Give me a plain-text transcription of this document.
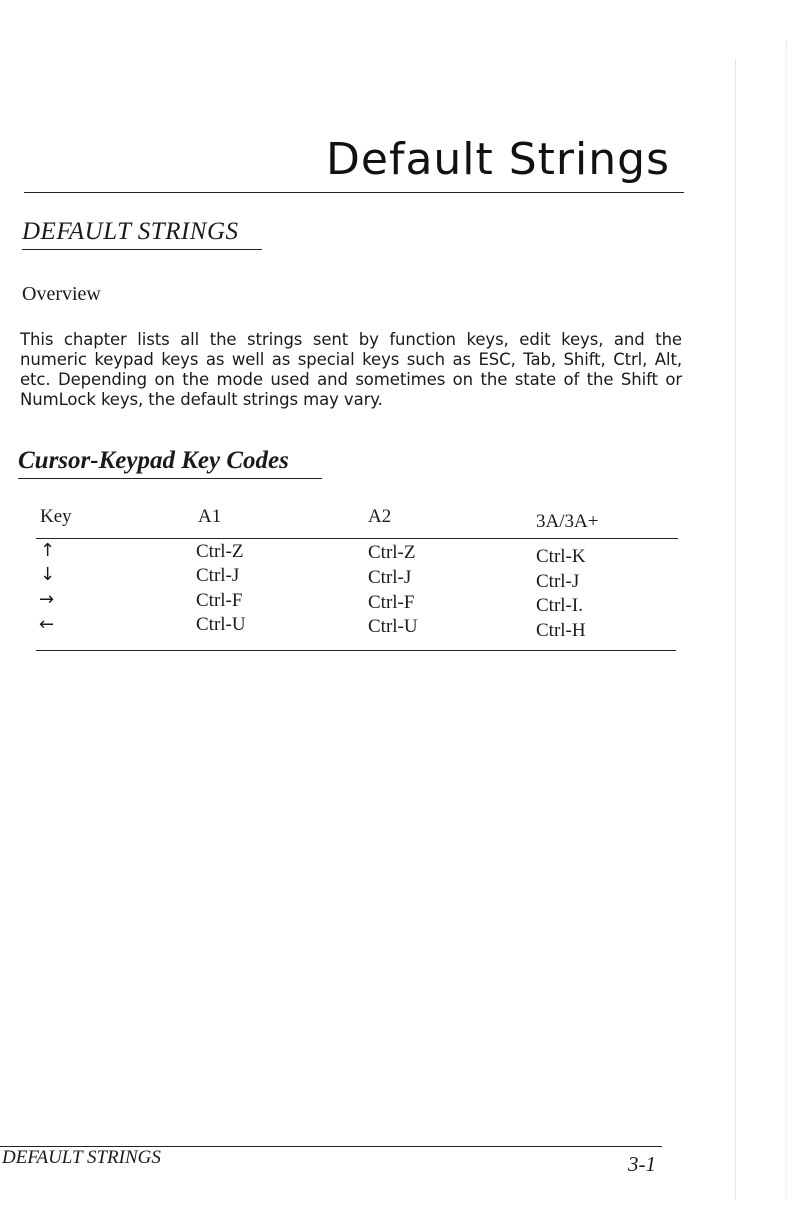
Default Strings
DEFAULT STRINGS
Overview
This chapter lists all the strings sent by function keys, edit keys, and the numeric keypad keys as well as special keys such as ESC, Tab, Shift, Ctrl, Alt, etc. Depending on the mode used and sometimes on the state of the Shift or NumLock keys, the default strings may vary.
Cursor-Keypad Key Codes
Key	A1	A2	3A/3A+
↑	Ctrl-Z	Ctrl-Z	Ctrl-K
↓	Ctrl-J	Ctrl-J	Ctrl-J
→	Ctrl-F	Ctrl-F	Ctrl-I.
←	Ctrl-U	Ctrl-U	Ctrl-H
DEFAULT STRINGS	3-1
